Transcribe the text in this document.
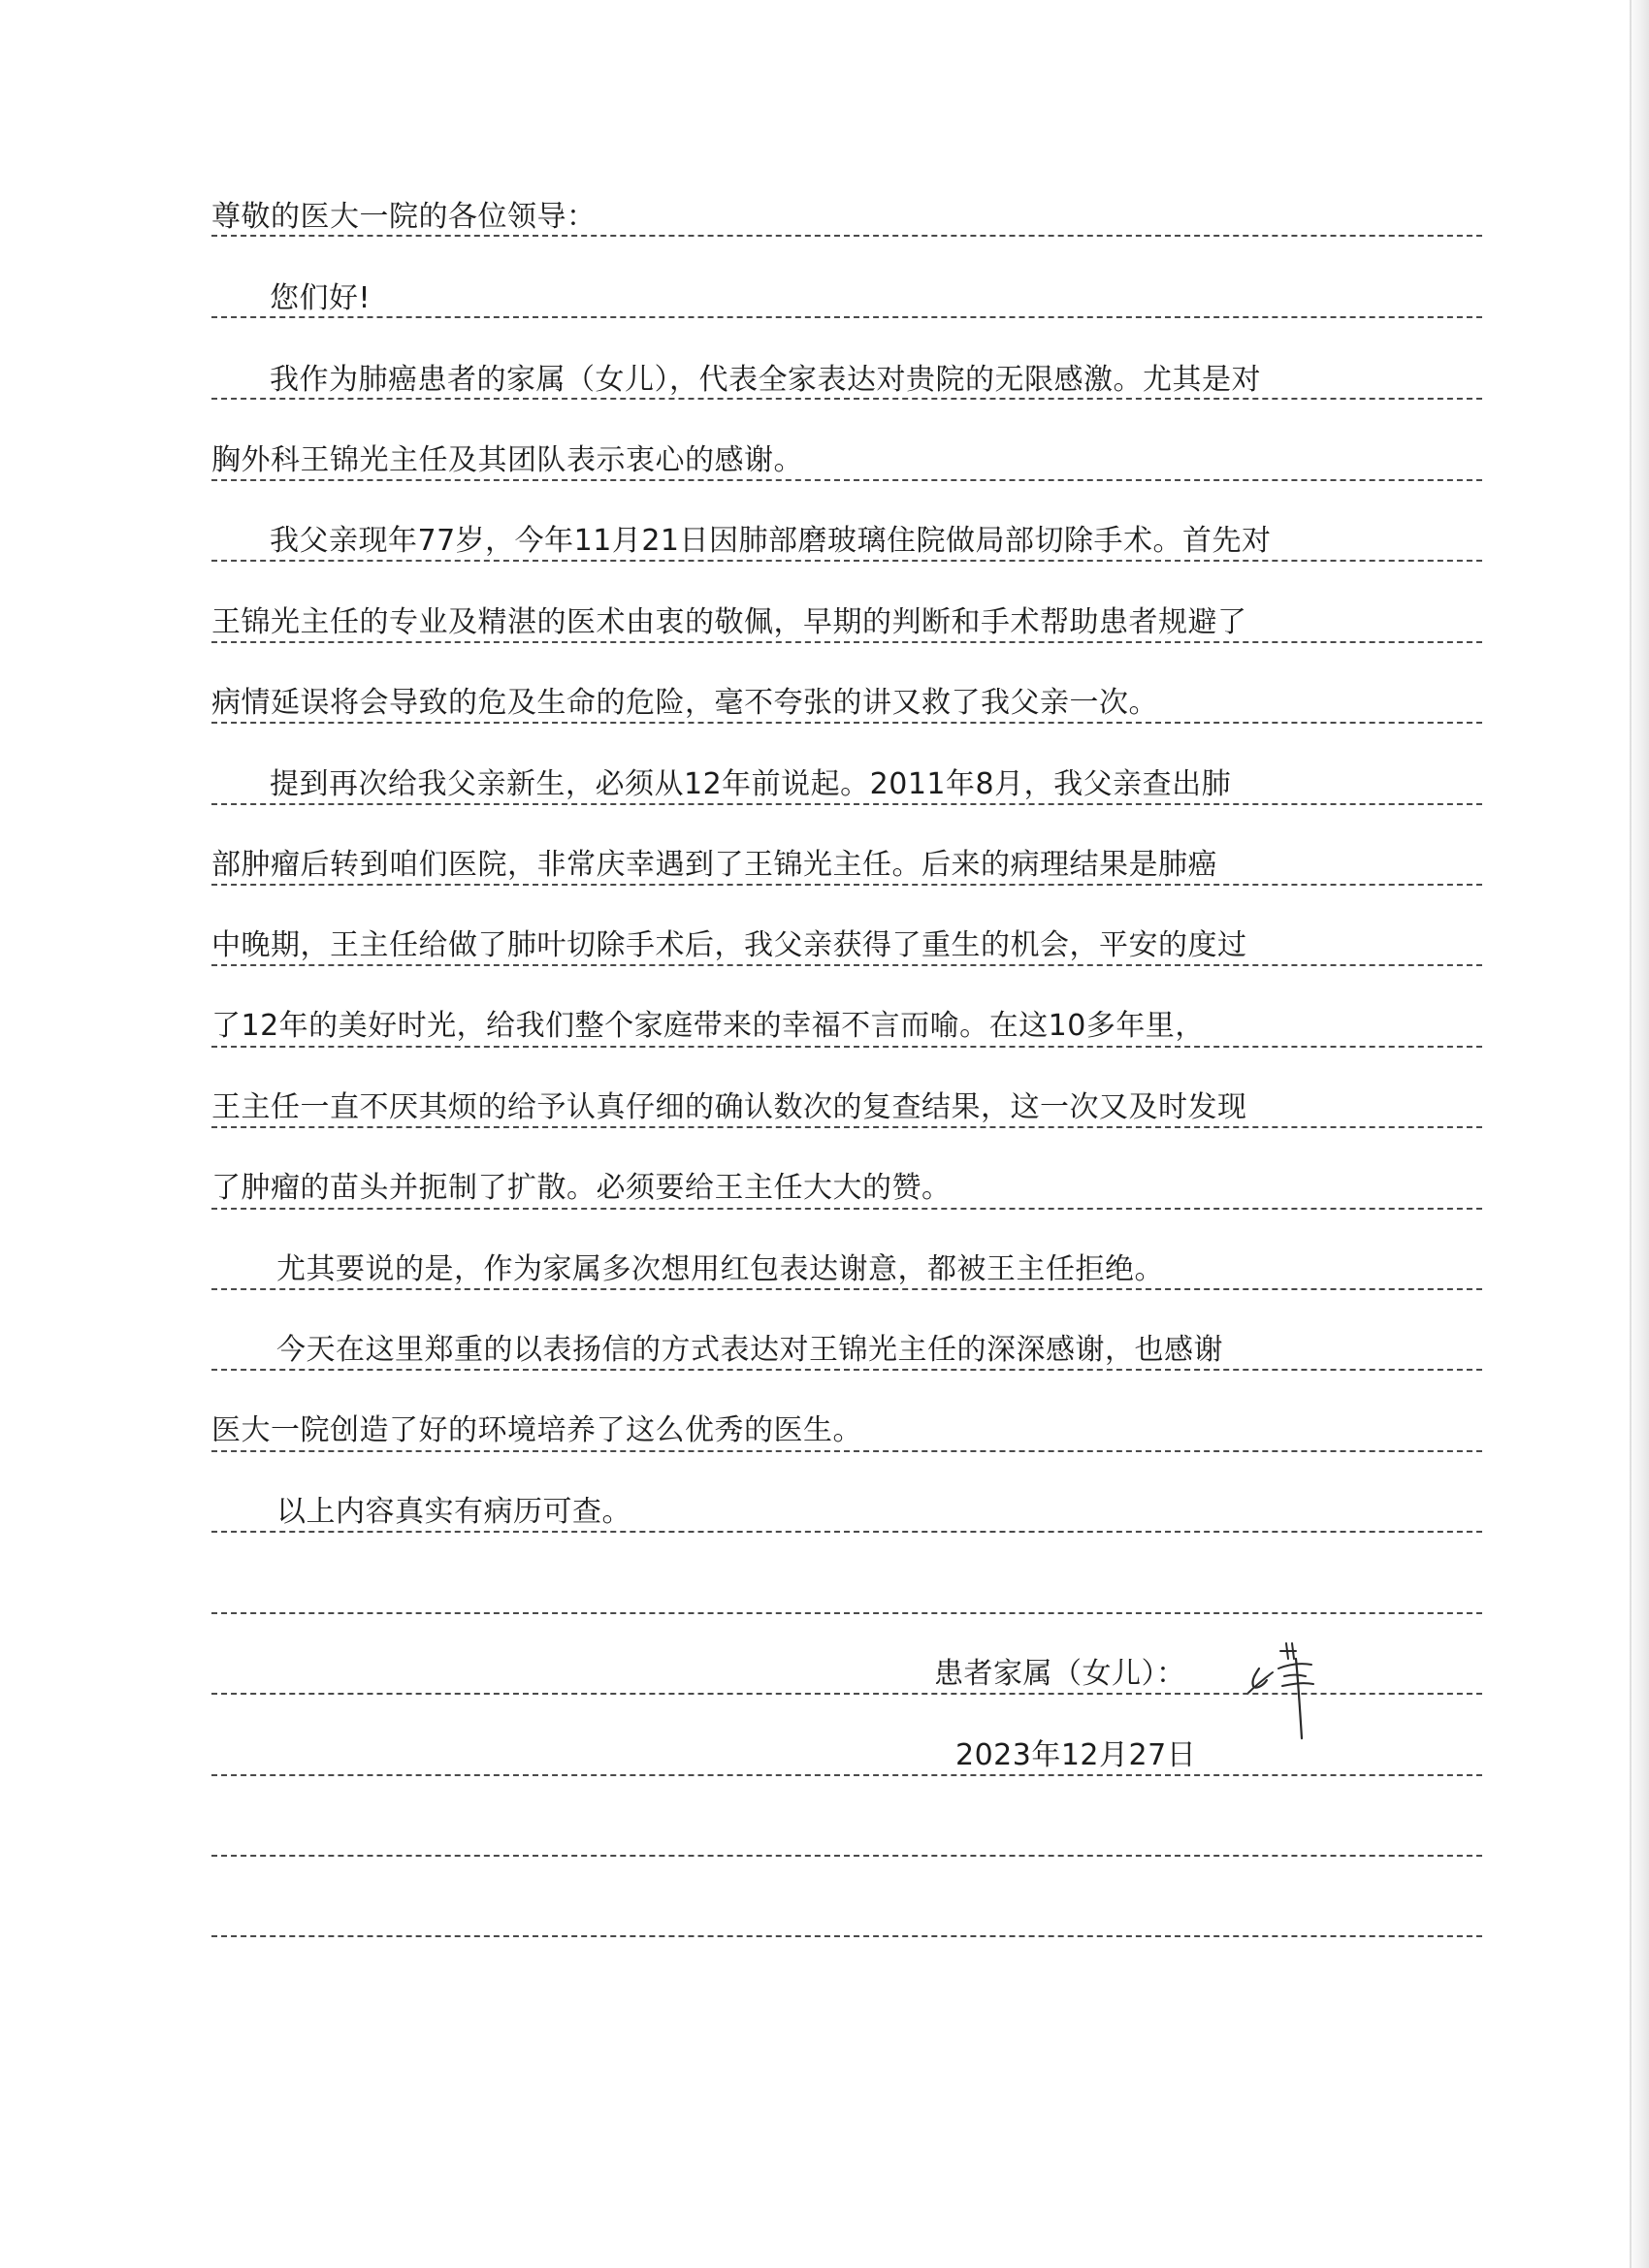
尊敬的医大一院的各位领导：
您们好!
我作为肺癌患者的家属（女儿），代表全家表达对贵院的无限感激。尤其是对
胸外科王锦光主任及其团队表示衷心的感谢。
我父亲现年77岁，今年11月21日因肺部磨玻璃住院做局部切除手术。首先对
王锦光主任的专业及精湛的医术由衷的敬佩，早期的判断和手术帮助患者规避了
病情延误将会导致的危及生命的危险，毫不夸张的讲又救了我父亲一次。
提到再次给我父亲新生，必须从12年前说起。2011年8月，我父亲查出肺
部肿瘤后转到咱们医院，非常庆幸遇到了王锦光主任。后来的病理结果是肺癌
中晚期，王主任给做了肺叶切除手术后，我父亲获得了重生的机会，平安的度过
了12年的美好时光，给我们整个家庭带来的幸福不言而喻。在这10多年里，
王主任一直不厌其烦的给予认真仔细的确认数次的复查结果，这一次又及时发现
了肿瘤的苗头并扼制了扩散。必须要给王主任大大的赞。
尤其要说的是，作为家属多次想用红包表达谢意，都被王主任拒绝。
今天在这里郑重的以表扬信的方式表达对王锦光主任的深深感谢，也感谢
医大一院创造了好的环境培养了这么优秀的医生。
以上内容真实有病历可查。
患者家属（女儿）：
2023年12月27日
